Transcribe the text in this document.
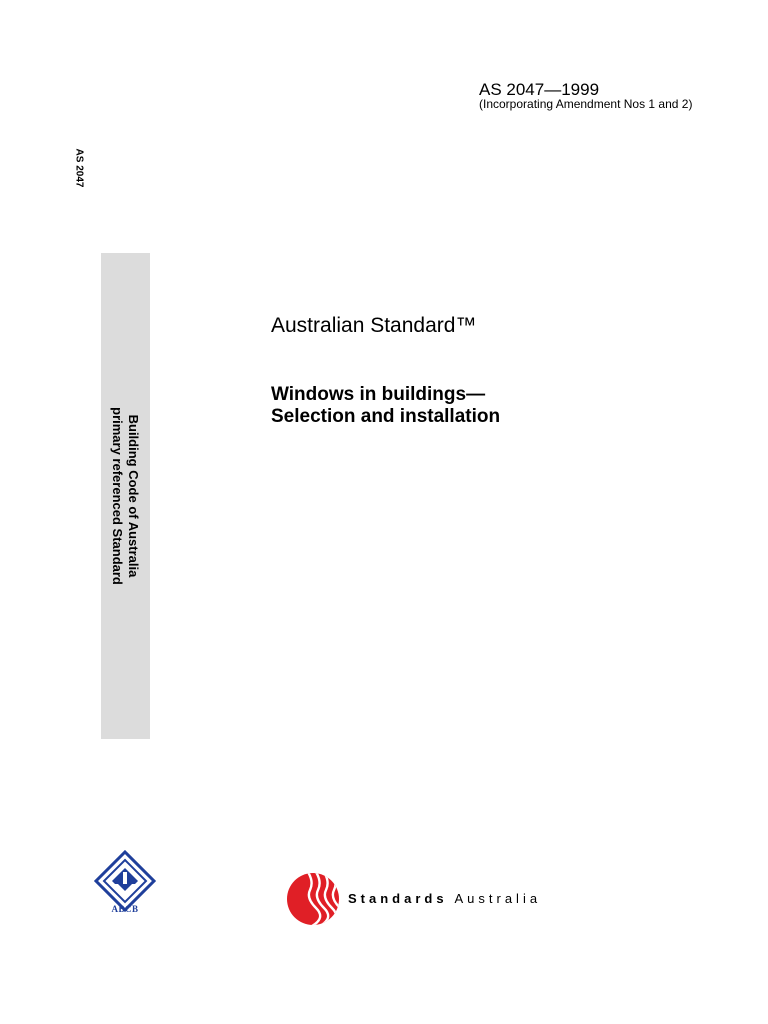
AS 2047—1999
(Incorporating Amendment Nos 1 and 2)
AS 2047
Building Code of Australia
primary referenced Standard
Australian Standard™
Windows in buildings—
Selection and installation
ABCB
Standards Australia
